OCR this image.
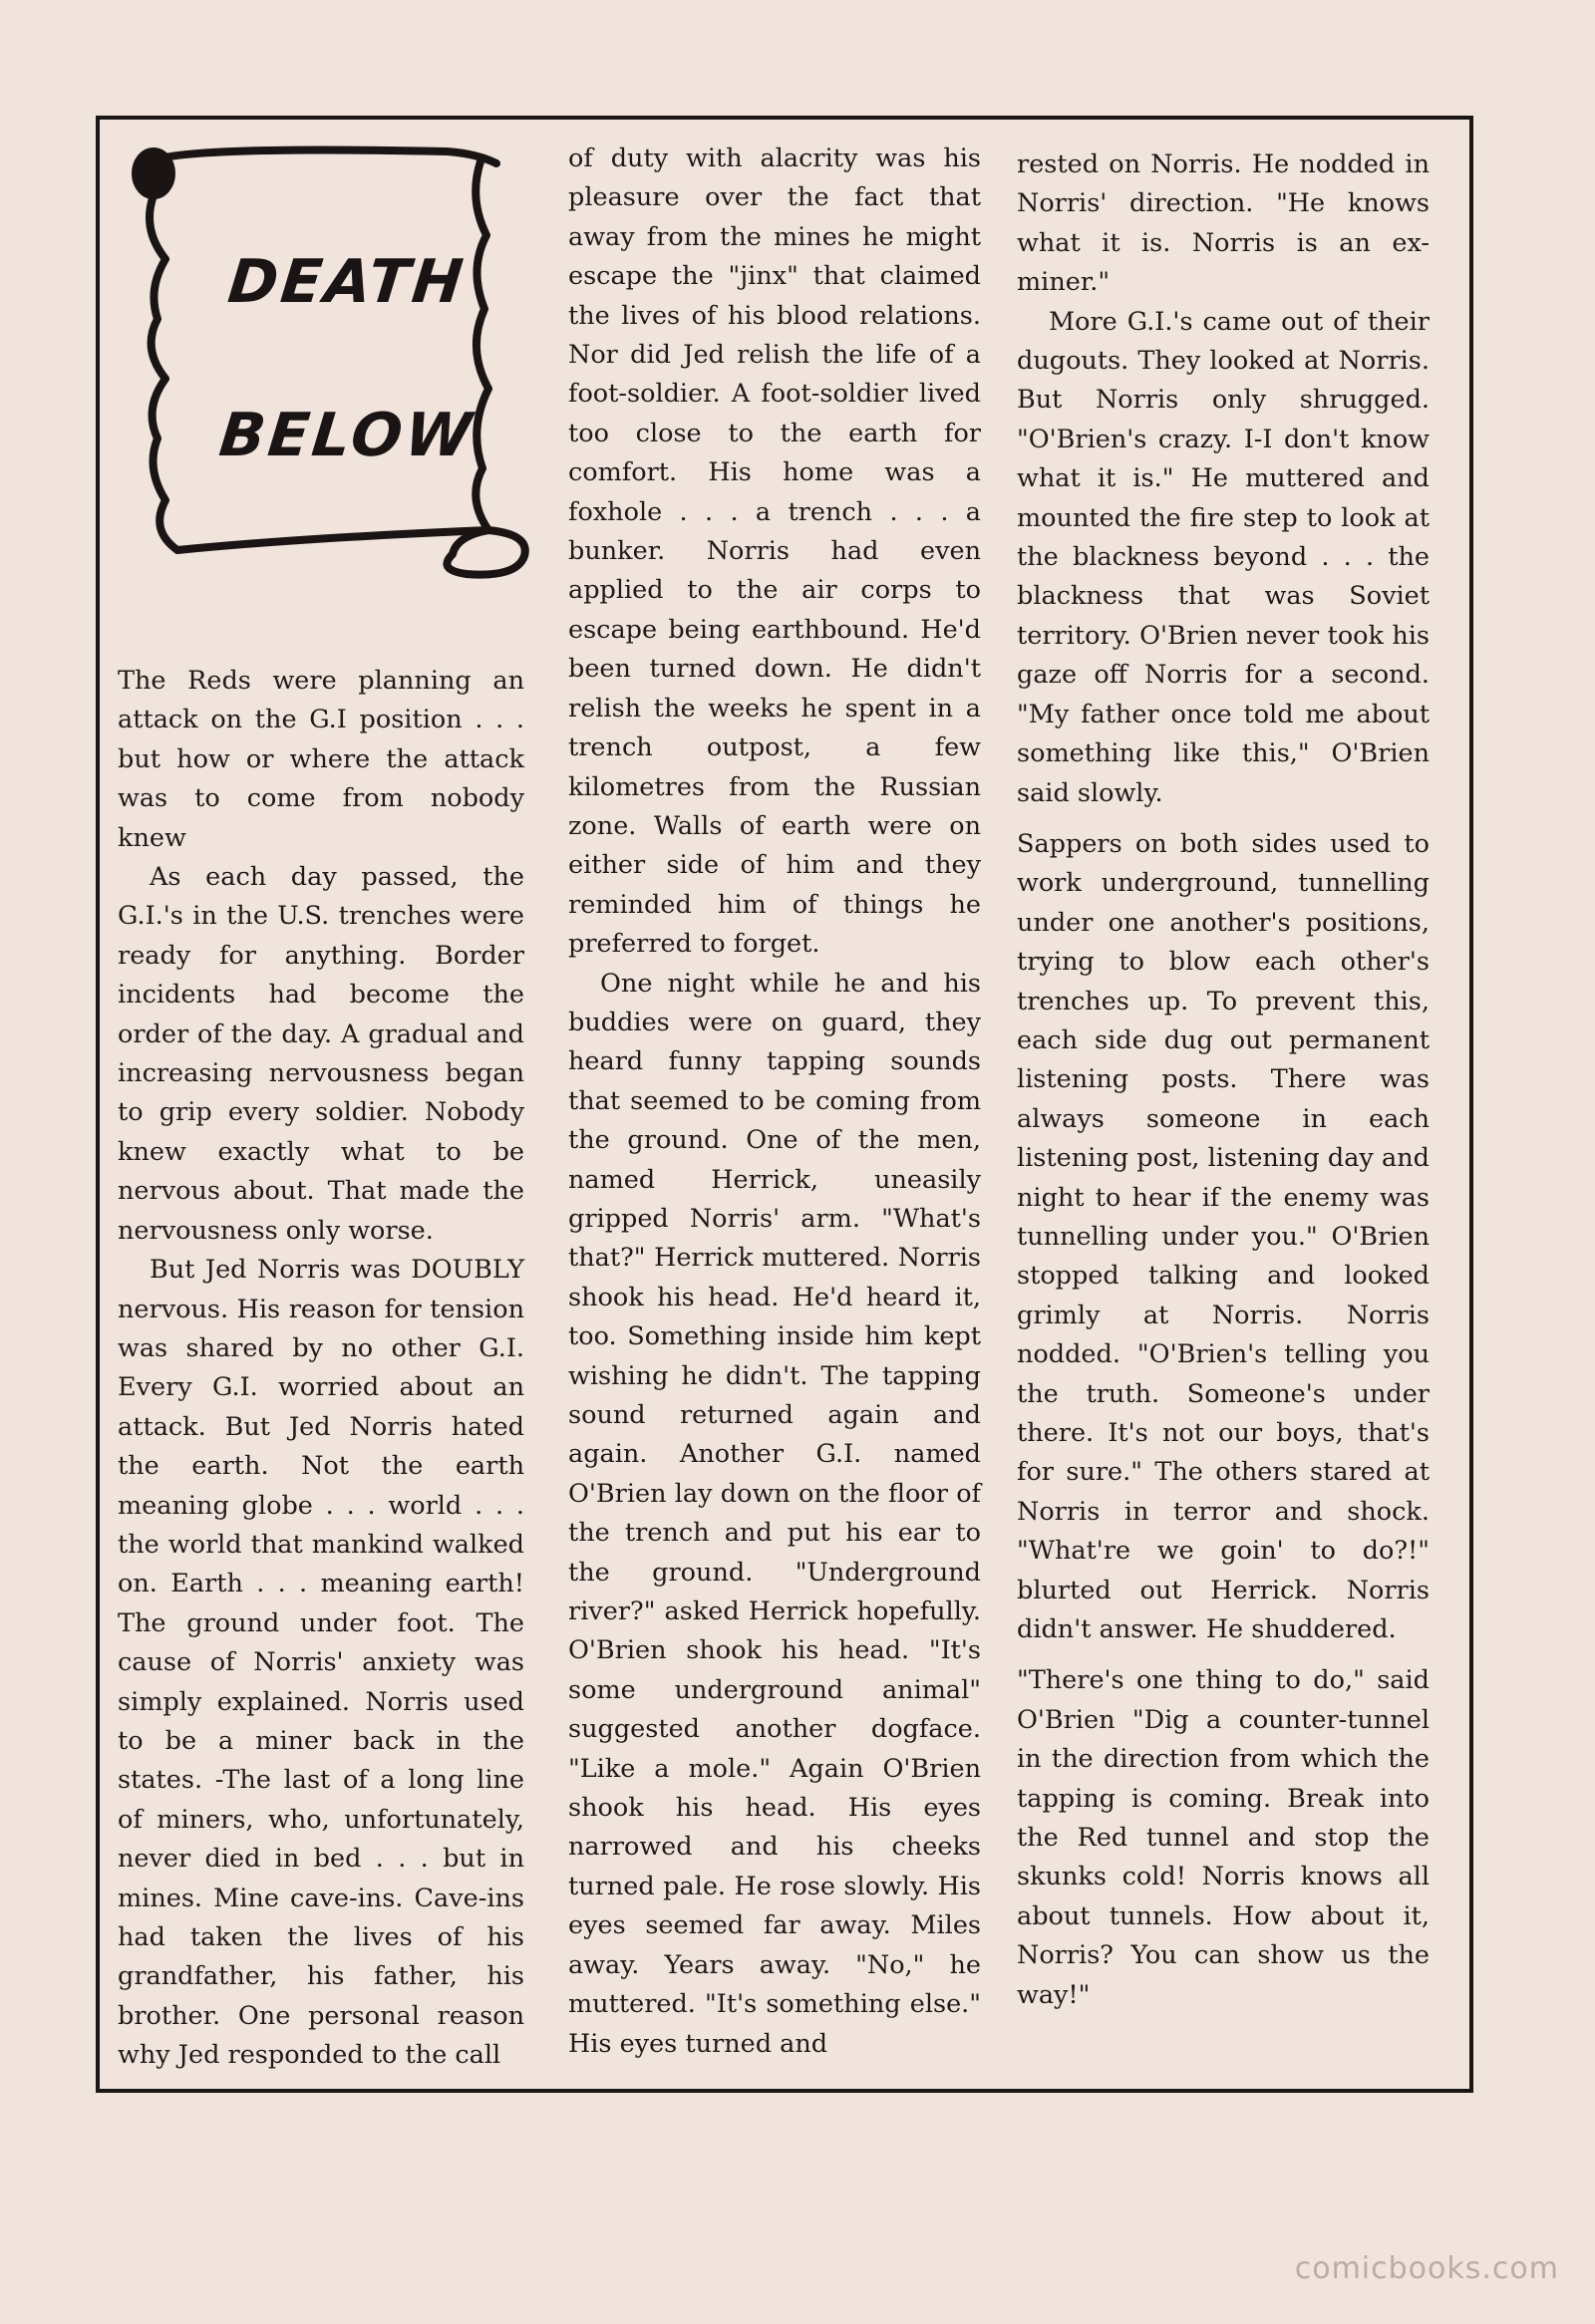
DEATH
BELOW

The Reds were planning an attack on the G.I position . . . but how or where the attack was to come from nobody knew

As each day passed, the G.I.'s in the U.S. trenches were ready for anything. Border incidents had become the order of the day. A gradual and increasing nervousness began to grip every soldier. Nobody knew exactly what to be nervous about. That made the nervousness only worse.

But Jed Norris was DOUBLY nervous. His reason for tension was shared by no other G.I. Every G.I. worried about an attack. But Jed Norris hated the earth. Not the earth meaning globe . . . world . . . the world that mankind walked on. Earth . . . meaning earth! The ground under foot. The cause of Norris' anxiety was simply explained. Norris used to be a miner back in the states. -The last of a long line of miners, who, unfortunately, never died in bed . . . but in mines. Mine cave-ins. Cave-ins had taken the lives of his grandfather, his father, his brother. One personal reason why Jed responded to the call

of duty with alacrity was his pleasure over the fact that away from the mines he might escape the "jinx" that claimed the lives of his blood relations. Nor did Jed relish the life of a foot-soldier. A foot-soldier lived too close to the earth for comfort. His home was a foxhole . . . a trench . . . a bunker. Norris had even applied to the air corps to escape being earthbound. He'd been turned down. He didn't relish the weeks he spent in a trench outpost, a few kilometres from the Russian zone. Walls of earth were on either side of him and they reminded him of things he preferred to forget.

One night while he and his buddies were on guard, they heard funny tapping sounds that seemed to be coming from the ground. One of the men, named Herrick, uneasily gripped Norris' arm. "What's that?" Herrick muttered. Norris shook his head. He'd heard it, too. Something inside him kept wishing he didn't. The tapping sound returned again and again. Another G.I. named O'Brien lay down on the floor of the trench and put his ear to the ground. "Underground river?" asked Herrick hopefully. O'Brien shook his head. "It's some underground animal" suggested another dogface. "Like a mole." Again O'Brien shook his head. His eyes narrowed and his cheeks turned pale. He rose slowly. His eyes seemed far away. Miles away. Years away. "No," he muttered. "It's something else." His eyes turned and

rested on Norris. He nodded in Norris' direction. "He knows what it is. Norris is an ex-miner."

More G.I.'s came out of their dugouts. They looked at Norris. But Norris only shrugged. "O'Brien's crazy. I-I don't know what it is." He muttered and mounted the fire step to look at the blackness beyond . . . the blackness that was Soviet territory. O'Brien never took his gaze off Norris for a second. "My father once told me about something like this," O'Brien said slowly.

Sappers on both sides used to work underground, tunnelling under one another's positions, trying to blow each other's trenches up. To prevent this, each side dug out permanent listening posts. There was always someone in each listening post, listening day and night to hear if the enemy was tunnelling under you." O'Brien stopped talking and looked grimly at Norris. Norris nodded. "O'Brien's telling you the truth. Someone's under there. It's not our boys, that's for sure." The others stared at Norris in terror and shock. "What're we goin' to do?!" blurted out Herrick. Norris didn't answer. He shuddered.

"There's one thing to do," said O'Brien "Dig a counter-tunnel in the direction from which the tapping is coming. Break into the Red tunnel and stop the skunks cold! Norris knows all about tunnels. How about it, Norris? You can show us the way!"

comicbooks.com
